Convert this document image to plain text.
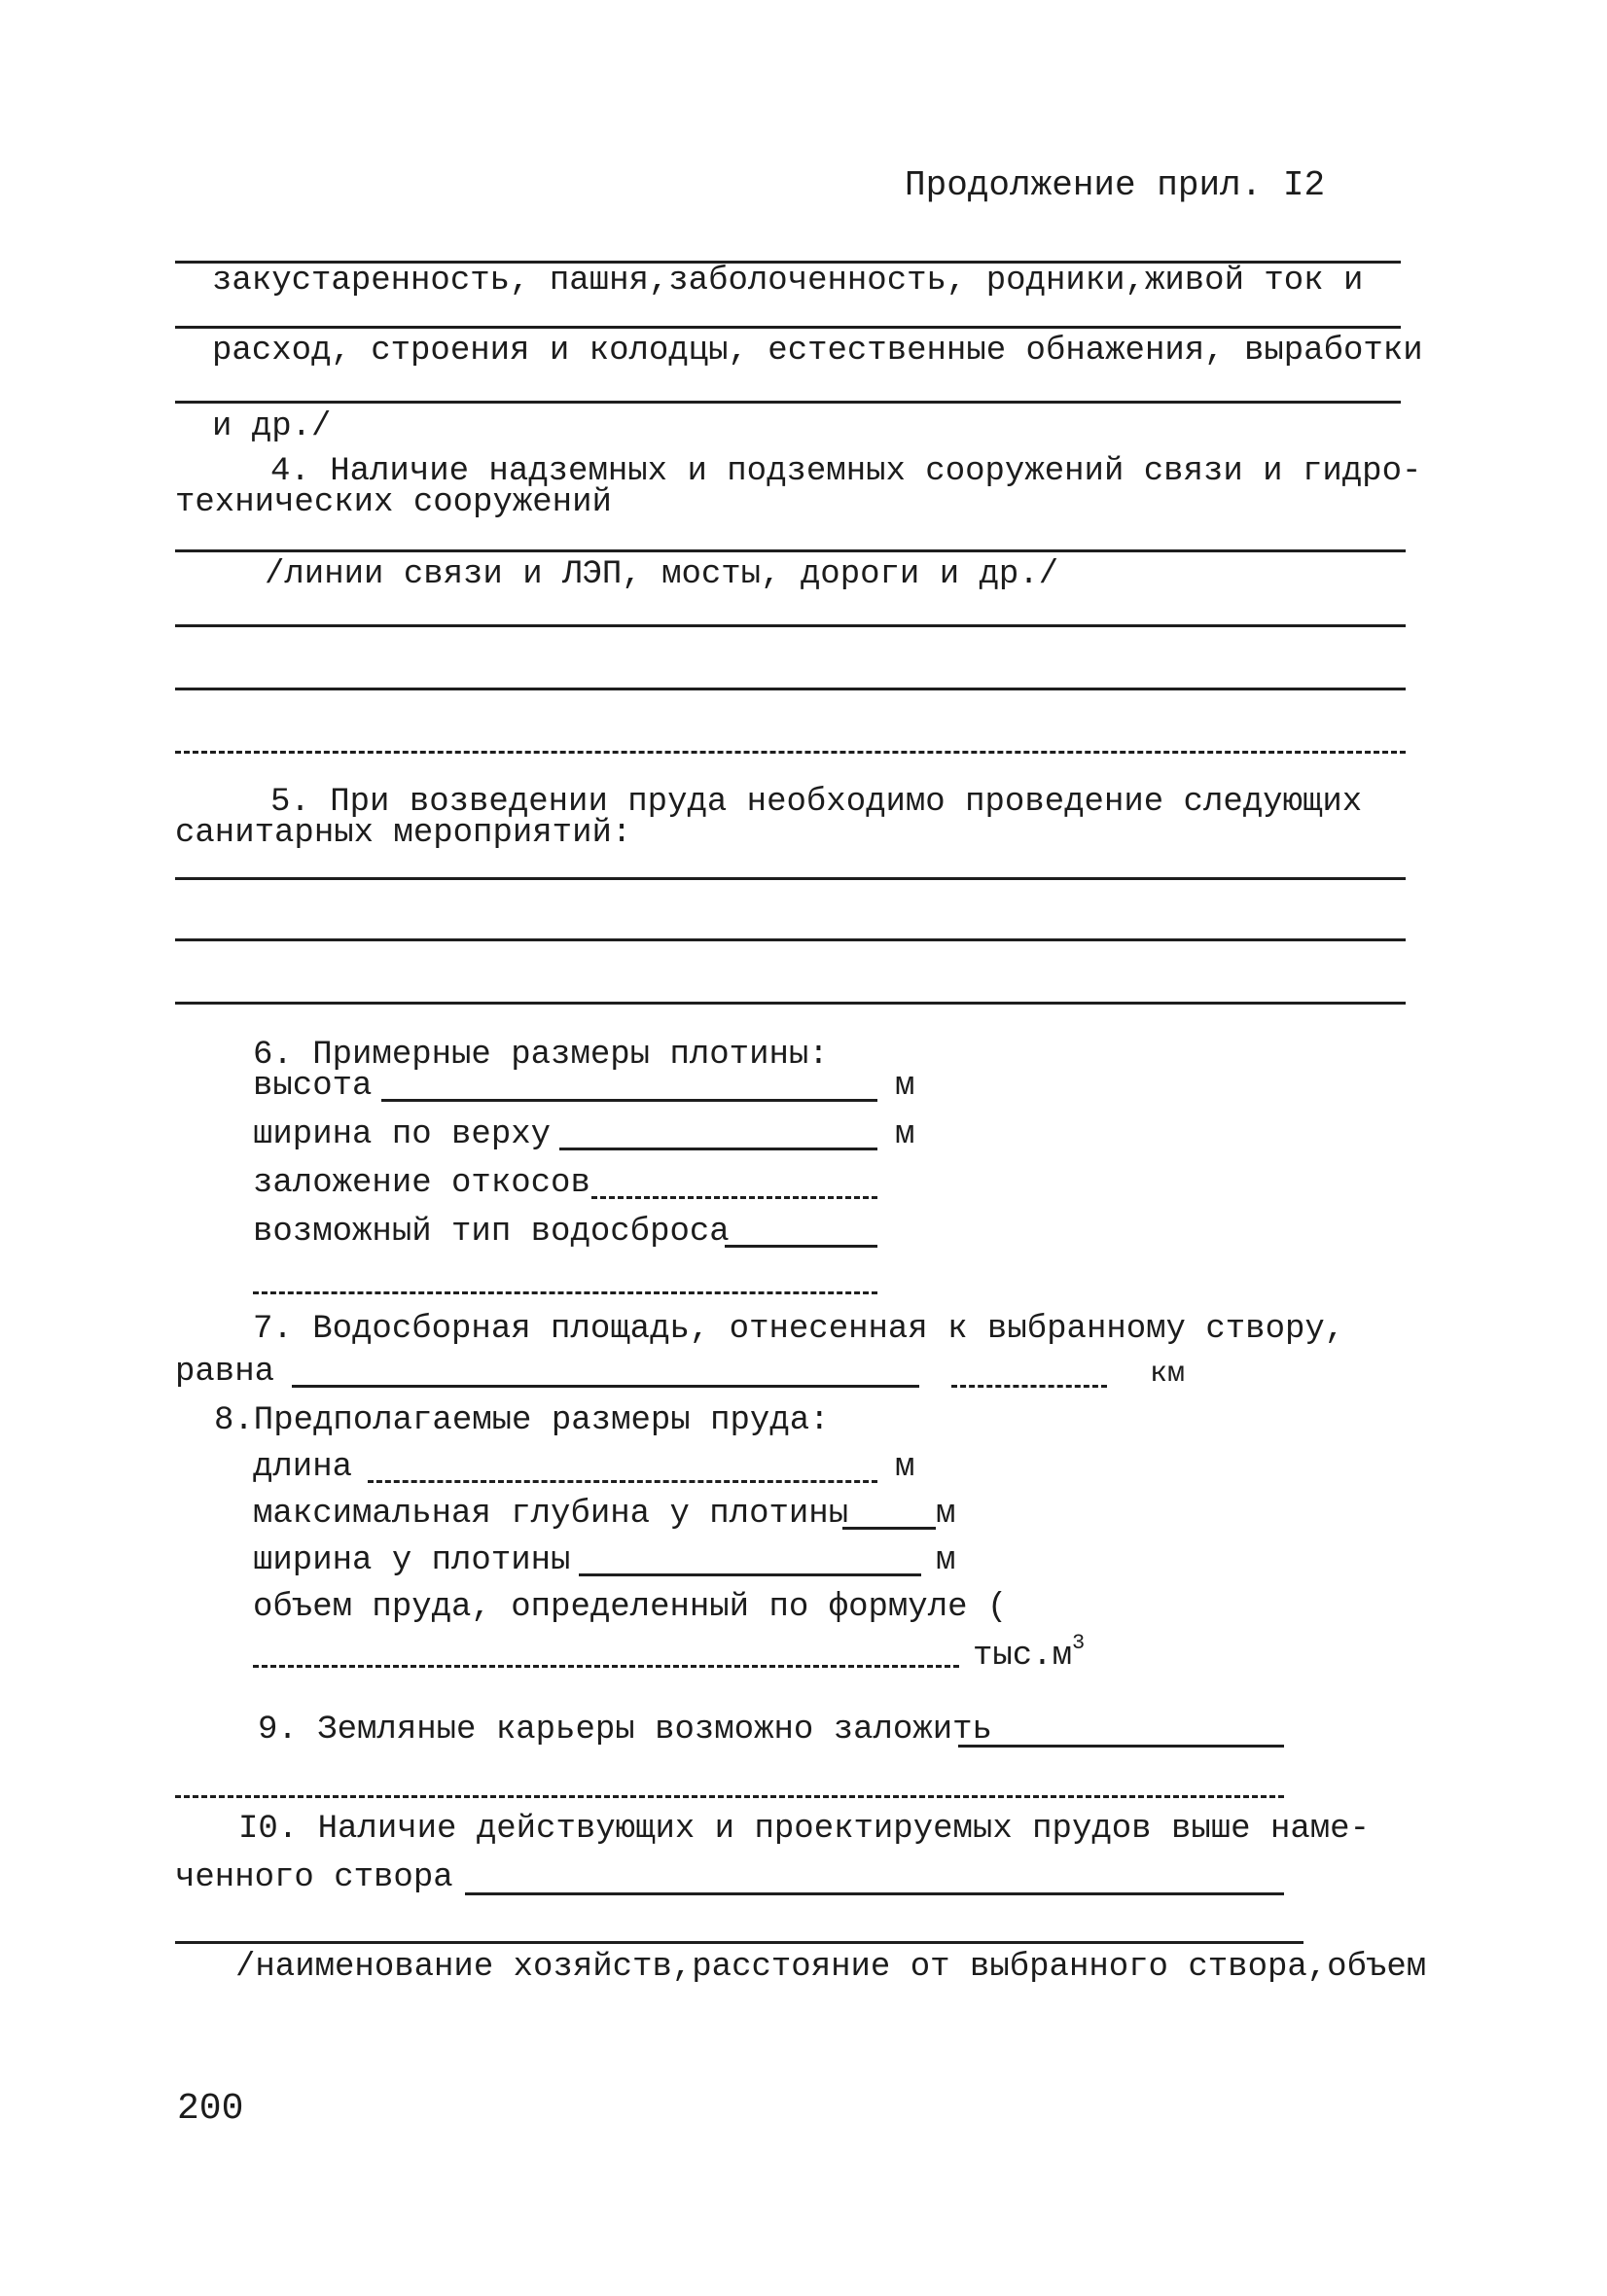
Продолжение прил. I2
закустаренность, пашня,заболоченность, родники,живой ток и
расход, строения и колодцы, естественные обнажения, выработки
и др./
4. Наличие надземных и подземных сооружений связи и гидро-
технических сооружений
/линии связи и ЛЭП, мосты, дороги и др./
5. При возведении пруда необходимо проведение следующих
санитарных мероприятий:
6. Примерные размеры плотины:
высота	м
ширина по верху	м
заложение откосов
возможный тип водосброса
7. Водосборная площадь, отнесенная к выбранному створу,
равна	км
8.Предполагаемые размеры пруда:
длина	м
максимальная глубина у плотины	м
ширина у плотины	м
объем пруда, определенный по формуле (
$тыс.м^3$
9. Земляные карьеры возможно заложить
I0. Наличие действующих и проектируемых прудов выше наме-
ченного створа
/наименование хозяйств,расстояние от выбранного створа,объем
200
